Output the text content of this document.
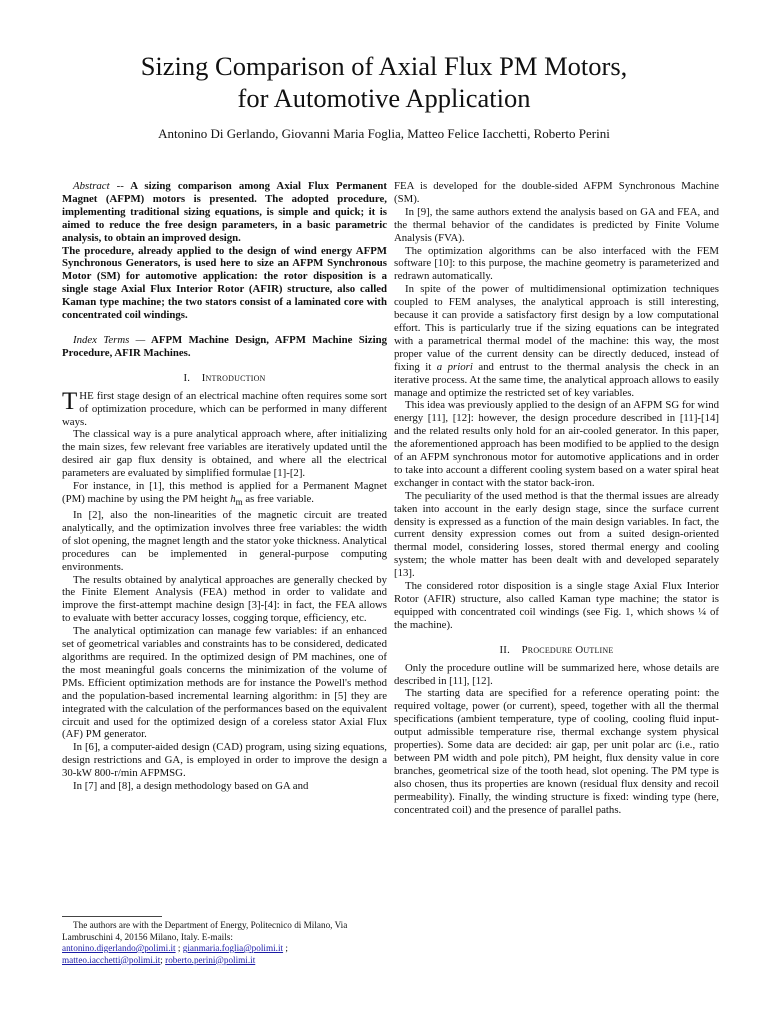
Sizing Comparison of Axial Flux PM Motors,
for Automotive Application
Antonino Di Gerlando, Giovanni Maria Foglia, Matteo Felice Iacchetti, Roberto Perini

Abstract -- A sizing comparison among Axial Flux Permanent Magnet (AFPM) motors is presented. The adopted procedure, implementing traditional sizing equations, is simple and quick; it is aimed to reduce the free design parameters, in a basic parametric analysis, to obtain an improved design.

The procedure, already applied to the design of wind energy AFPM Synchronous Generators, is used here to size an AFPM Synchronous Motor (SM) for automotive application: the rotor disposition is a single stage Axial Flux Interior Rotor (AFIR) structure, also called Kaman type machine; the two stators consist of a laminated core with concentrated coil windings.

Index Terms — AFPM Machine Design, AFPM Machine Sizing Procedure, AFIR Machines.

I. Introduction

THE first stage design of an electrical machine often requires some sort of optimization procedure, which can be performed in many different ways.

The classical way is a pure analytical approach where, after initializing the main sizes, few relevant free variables are iteratively updated until the desired air gap flux density is obtained, and where all the electrical parameters are evaluated by simplified formulae [1]-[2].

For instance, in [1], this method is applied for a Permanent Magnet (PM) machine by using the PM height $h_m$ as free variable.

In [2], also the non-linearities of the magnetic circuit are treated analytically, and the optimization involves three free variables: the width of slot opening, the magnet length and the stator yoke thickness. Analytical procedures can be implemented in general-purpose computing environments.

The results obtained by analytical approaches are generally checked by the Finite Element Analysis (FEA) method in order to validate and improve the first-attempt machine design [3]-[4]: in fact, the FEA allows to evaluate with better accuracy losses, cogging torque, efficiency, etc.

The analytical optimization can manage few variables: if an enhanced set of geometrical variables and constraints has to be considered, dedicated algorithms are required. In the optimized design of PM machines, one of the most meaningful goals concerns the minimization of the volume of PMs. Efficient optimization methods are for instance the Powell's method and the population-based incremental learning algorithm: in [5] they are integrated with the calculation of the performances based on the equivalent circuit and used for the optimized design of a coreless stator Axial Flux (AF) PM generator.

In [6], a computer-aided design (CAD) program, using sizing equations, design restrictions and GA, is employed in order to improve the design a 30-kW 800-r/min AFPMSG.

In [7] and [8], a design methodology based on GA and

The authors are with the Department of Energy, Politecnico di Milano, Via Lambruschini 4, 20156 Milano, Italy. E-mails:
antonino.digerlando@polimi.it ; gianmaria.foglia@polimi.it ;
matteo.iacchetti@polimi.it; roberto.perini@polimi.it

FEA is developed for the double-sided AFPM Synchronous Machine (SM).

In [9], the same authors extend the analysis based on GA and FEA, and the thermal behavior of the candidates is predicted by Finite Volume Analysis (FVA).

The optimization algorithms can be also interfaced with the FEM software [10]: to this purpose, the machine geometry is parameterized and redrawn automatically.

In spite of the power of multidimensional optimization techniques coupled to FEM analyses, the analytical approach is still interesting, because it can provide a satisfactory first design by a low computational effort. This is particularly true if the sizing equations can be integrated with a parametrical thermal model of the machine: this way, the most proper value of the current density can be directly deduced, instead of fixing it a priori and entrust to the thermal analysis the check in an iterative process. At the same time, the analytical approach allows to easily manage and optimize the restricted set of key variables.

This idea was previously applied to the design of an AFPM SG for wind energy [11], [12]: however, the design procedure described in [11]-[14] and the related results only hold for an air-cooled generator. In this paper, the aforementioned approach has been modified to be applied to the design of an AFPM synchronous motor for automotive applications and in order to take into account a different cooling system based on a water spiral heat exchanger in contact with the stator back-iron.

The peculiarity of the used method is that the thermal issues are already taken into account in the early design stage, since the surface current density is expressed as a function of the main design variables. In fact, the current density expression comes out from a suited design-oriented thermal model, considering losses, stored thermal energy and cooling system; the whole matter has been dealt with and developed separately [13].

The considered rotor disposition is a single stage Axial Flux Interior Rotor (AFIR) structure, also called Kaman type machine; the stator is equipped with concentrated coil windings (see Fig. 1, which shows ¼ of the machine).

II. Procedure Outline

Only the procedure outline will be summarized here, whose details are described in [11], [12].

The starting data are specified for a reference operating point: the required voltage, power (or current), speed, together with all the thermal specifications (ambient temperature, type of cooling, cooling fluid input-output admissible temperature rise, thermal exchange system physical properties). Some data are decided: air gap, per unit polar arc (i.e., ratio between PM width and pole pitch), PM height, flux density value in core branches, geometrical size of the tooth head, slot opening. The PM type is also chosen, thus its properties are known (residual flux density and recoil permeability). Finally, the winding structure is fixed: winding type (here, concentrated coil) and the presence of parallel paths.
